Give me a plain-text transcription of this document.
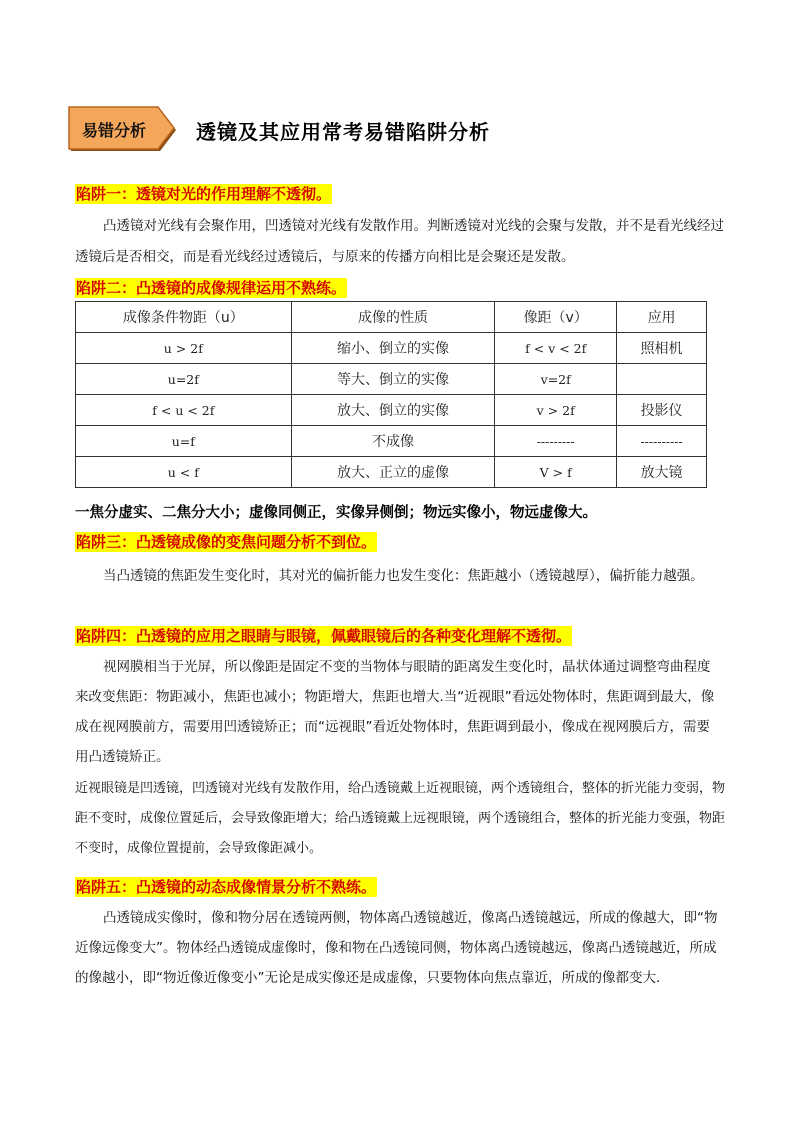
易错分析 透镜及其应用常考易错陷阱分析
陷阱一：透镜对光的作用理解不透彻。
凸透镜对光线有会聚作用，凹透镜对光线有发散作用。判断透镜对光线的会聚与发散，并不是看光线经过透镜后是否相交，而是看光线经过透镜后，与原来的传播方向相比是会聚还是发散。
陷阱二：凸透镜的成像规律运用不熟练。
成像条件物距（u）	成像的性质	像距（v）	应用
u > 2f	缩小、倒立的实像	f < v < 2f	照相机
u=2f	等大、倒立的实像	v=2f	
f < u < 2f	放大、倒立的实像	v > 2f	投影仪
u=f	不成像	---------	----------
u < f	放大、正立的虚像	V > f	放大镜
一焦分虚实、二焦分大小；虚像同侧正，实像异侧倒；物远实像小，物远虚像大。
陷阱三：凸透镜成像的变焦问题分析不到位。
当凸透镜的焦距发生变化时，其对光的偏折能力也发生变化：焦距越小（透镜越厚），偏折能力越强。
陷阱四：凸透镜的应用之眼睛与眼镜，佩戴眼镜后的各种变化理解不透彻。
视网膜相当于光屏，所以像距是固定不变的当物体与眼睛的距离发生变化时，晶状体通过调整弯曲程度来改变焦距：物距减小，焦距也减小；物距增大，焦距也增大.当“近视眼”看远处物体时，焦距调到最大，像成在视网膜前方，需要用凹透镜矫正；而“远视眼”看近处物体时，焦距调到最小，像成在视网膜后方，需要用凸透镜矫正。
近视眼镜是凹透镜，凹透镜对光线有发散作用，给凸透镜戴上近视眼镜，两个透镜组合，整体的折光能力变弱，物距不变时，成像位置延后，会导致像距增大；给凸透镜戴上远视眼镜，两个透镜组合，整体的折光能力变强，物距不变时，成像位置提前，会导致像距减小。
陷阱五：凸透镜的动态成像情景分析不熟练。
凸透镜成实像时，像和物分居在透镜两侧，物体离凸透镜越近，像离凸透镜越远，所成的像越大，即“物近像远像变大”。物体经凸透镜成虚像时，像和物在凸透镜同侧，物体离凸透镜越远，像离凸透镜越近，所成的像越小，即“物近像近像变小”无论是成实像还是成虚像，只要物体向焦点靠近，所成的像都变大.
